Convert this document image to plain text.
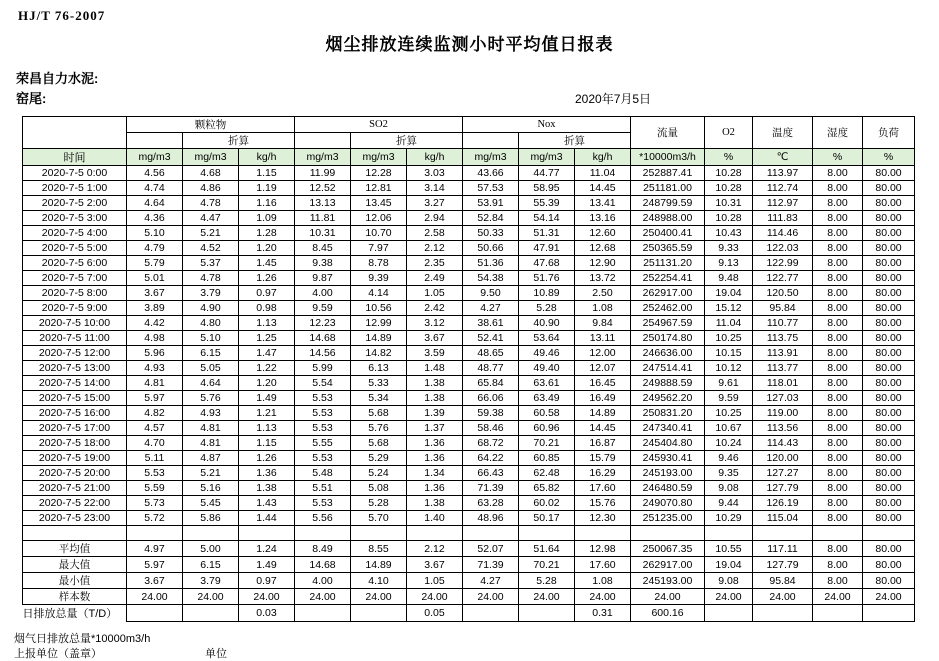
HJ/T 76-2007
烟尘排放连续监测小时平均值日报表
荣昌自力水泥:
窑尾:	2020年7月5日
	颗粒物			SO2			Nox			流量	O2	温度	湿度	负荷
		折算			折算			折算						
时间	mg/m3	mg/m3	kg/h	mg/m3	mg/m3	kg/h	mg/m3	mg/m3	kg/h	*10000m3/h	%	℃	%	%
2020-7-5 0:00	4.56	4.68	1.15	11.99	12.28	3.03	43.66	44.77	11.04	252887.41	10.28	113.97	8.00	80.00
2020-7-5 1:00	4.74	4.86	1.19	12.52	12.81	3.14	57.53	58.95	14.45	251181.00	10.28	112.74	8.00	80.00
2020-7-5 2:00	4.64	4.78	1.16	13.13	13.45	3.27	53.91	55.39	13.41	248799.59	10.31	112.97	8.00	80.00
2020-7-5 3:00	4.36	4.47	1.09	11.81	12.06	2.94	52.84	54.14	13.16	248988.00	10.28	111.83	8.00	80.00
2020-7-5 4:00	5.10	5.21	1.28	10.31	10.70	2.58	50.33	51.31	12.60	250400.41	10.43	114.46	8.00	80.00
2020-7-5 5:00	4.79	4.52	1.20	8.45	7.97	2.12	50.66	47.91	12.68	250365.59	9.33	122.03	8.00	80.00
2020-7-5 6:00	5.79	5.37	1.45	9.38	8.78	2.35	51.36	47.68	12.90	251131.20	9.13	122.99	8.00	80.00
2020-7-5 7:00	5.01	4.78	1.26	9.87	9.39	2.49	54.38	51.76	13.72	252254.41	9.48	122.77	8.00	80.00
2020-7-5 8:00	3.67	3.79	0.97	4.00	4.14	1.05	9.50	10.89	2.50	262917.00	19.04	120.50	8.00	80.00
2020-7-5 9:00	3.89	4.90	0.98	9.59	10.56	2.42	4.27	5.28	1.08	252462.00	15.12	95.84	8.00	80.00
2020-7-5 10:00	4.42	4.80	1.13	12.23	12.99	3.12	38.61	40.90	9.84	254967.59	11.04	110.77	8.00	80.00
2020-7-5 11:00	4.98	5.10	1.25	14.68	14.89	3.67	52.41	53.64	13.11	250174.80	10.25	113.75	8.00	80.00
2020-7-5 12:00	5.96	6.15	1.47	14.56	14.82	3.59	48.65	49.46	12.00	246636.00	10.15	113.91	8.00	80.00
2020-7-5 13:00	4.93	5.05	1.22	5.99	6.13	1.48	48.77	49.40	12.07	247514.41	10.12	113.77	8.00	80.00
2020-7-5 14:00	4.81	4.64	1.20	5.54	5.33	1.38	65.84	63.61	16.45	249888.59	9.61	118.01	8.00	80.00
2020-7-5 15:00	5.97	5.76	1.49	5.53	5.34	1.38	66.06	63.49	16.49	249562.20	9.59	127.03	8.00	80.00
2020-7-5 16:00	4.82	4.93	1.21	5.53	5.68	1.39	59.38	60.58	14.89	250831.20	10.25	119.00	8.00	80.00
2020-7-5 17:00	4.57	4.81	1.13	5.53	5.76	1.37	58.46	60.96	14.45	247340.41	10.67	113.56	8.00	80.00
2020-7-5 18:00	4.70	4.81	1.15	5.55	5.68	1.36	68.72	70.21	16.87	245404.80	10.24	114.43	8.00	80.00
2020-7-5 19:00	5.11	4.87	1.26	5.53	5.29	1.36	64.22	60.85	15.79	245930.41	9.46	120.00	8.00	80.00
2020-7-5 20:00	5.53	5.21	1.36	5.48	5.24	1.34	66.43	62.48	16.29	245193.00	9.35	127.27	8.00	80.00
2020-7-5 21:00	5.59	5.16	1.38	5.51	5.08	1.36	71.39	65.82	17.60	246480.59	9.08	127.79	8.00	80.00
2020-7-5 22:00	5.73	5.45	1.43	5.53	5.28	1.38	63.28	60.02	15.76	249070.80	9.44	126.19	8.00	80.00
2020-7-5 23:00	5.72	5.86	1.44	5.56	5.70	1.40	48.96	50.17	12.30	251235.00	10.29	115.04	8.00	80.00

平均值	4.97	5.00	1.24	8.49	8.55	2.12	52.07	51.64	12.98	250067.35	10.55	117.11	8.00	80.00
最大值	5.97	6.15	1.49	14.68	14.89	3.67	71.39	70.21	17.60	262917.00	19.04	127.79	8.00	80.00
最小值	3.67	3.79	0.97	4.00	4.10	1.05	4.27	5.28	1.08	245193.00	9.08	95.84	8.00	80.00
样本数	24.00	24.00	24.00	24.00	24.00	24.00	24.00	24.00	24.00	24.00	24.00	24.00	24.00	24.00
日排放总量（T/D）			0.03			0.05			0.31	600.16				
烟气日排放总量*10000m3/h
上报单位（盖章）	单位
